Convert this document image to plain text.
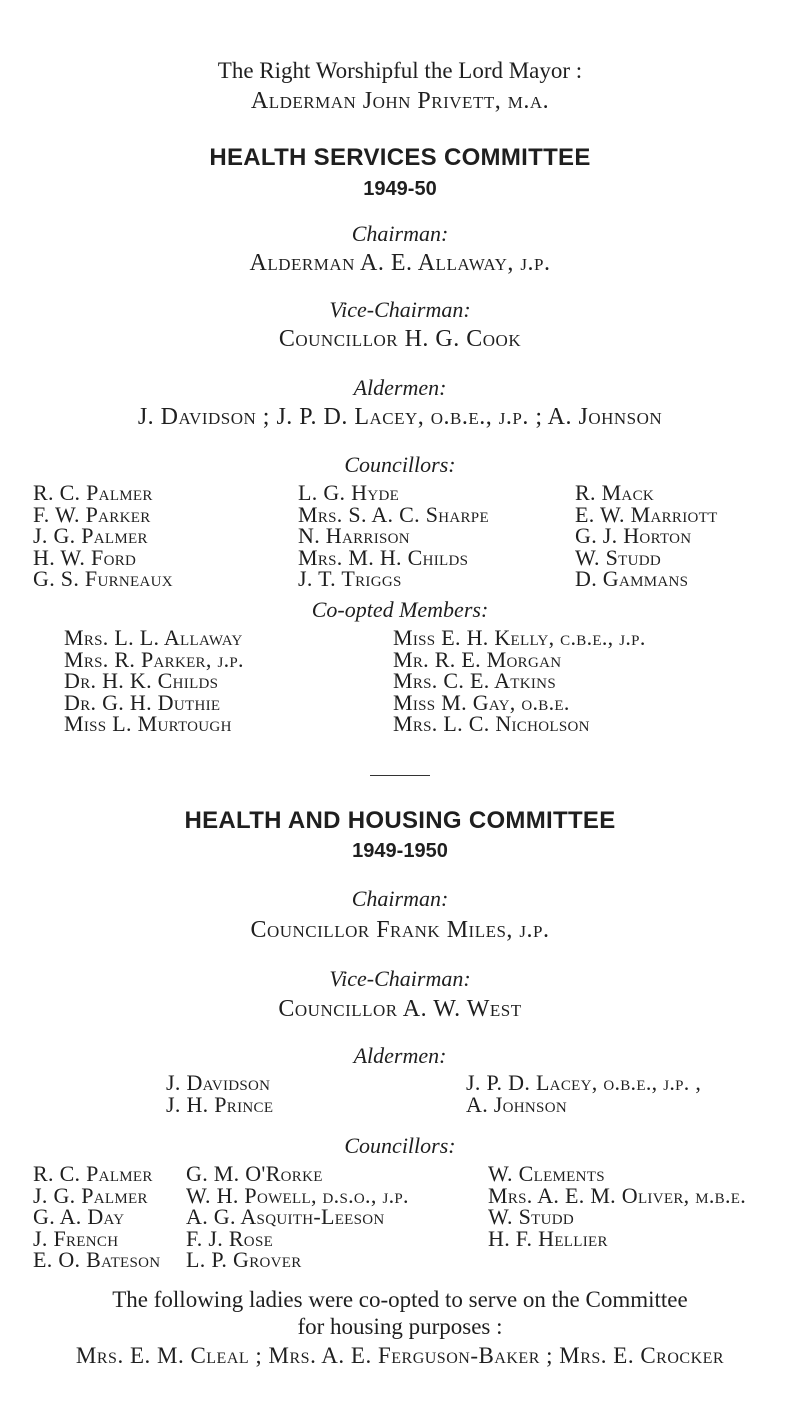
The Right Worshipful the Lord Mayor :
Alderman John Privett, m.a.
HEALTH SERVICES COMMITTEE
1949-50
Chairman:
Alderman A. E. Allaway, j.p.
Vice-Chairman:
Councillor H. G. Cook
Aldermen:
J. Davidson ; J. P. D. Lacey, o.b.e., j.p. ; A. Johnson
Councillors:
R. C. Palmer
F. W. Parker
J. G. Palmer
H. W. Ford
G. S. Furneaux
L. G. Hyde
Mrs. S. A. C. Sharpe
N. Harrison
Mrs. M. H. Childs
J. T. Triggs
R. Mack
E. W. Marriott
G. J. Horton
W. Studd
D. Gammans
Co-opted Members:
Mrs. L. L. Allaway
Mrs. R. Parker, j.p.
Dr. H. K. Childs
Dr. G. H. Duthie
Miss L. Murtough
Miss E. H. Kelly, c.b.e., j.p.
Mr. R. E. Morgan
Mrs. C. E. Atkins
Miss M. Gay, o.b.e.
Mrs. L. C. Nicholson
HEALTH AND HOUSING COMMITTEE
1949-1950
Chairman:
Councillor Frank Miles, j.p.
Vice-Chairman:
Councillor A. W. West
Aldermen:
J. Davidson
J. H. Prince
J. P. D. Lacey, o.b.e., j.p. ,
A. Johnson
Councillors:
R. C. Palmer
J. G. Palmer
G. A. Day
J. French
E. O. Bateson
G. M. O'Rorke
W. H. Powell, d.s.o., j.p.
A. G. Asquith-Leeson
F. J. Rose
L. P. Grover
W. Clements
Mrs. A. E. M. Oliver, m.b.e.
W. Studd
H. F. Hellier
The following ladies were co-opted to serve on the Committee
for housing purposes :
Mrs. E. M. Cleal ; Mrs. A. E. Ferguson-Baker ; Mrs. E. Crocker
